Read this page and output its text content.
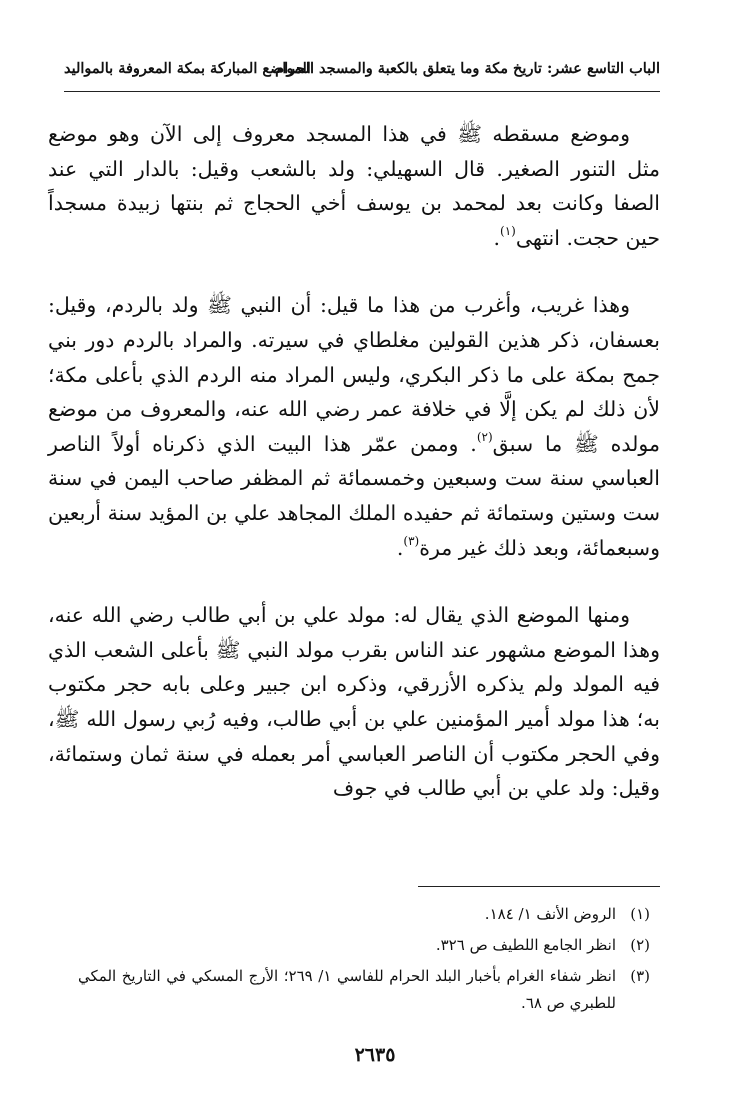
الباب التاسع عشر: تاريخ مكة وما يتعلق بالكعبة والمسجد الحرام
المواضع المباركة بمكة المعروفة بالمواليد

وموضع مسقطه ﷺ في هذا المسجد معروف إلى الآن وهو موضع مثل التنور الصغير. قال السهيلي: ولد بالشعب وقيل: بالدار التي عند الصفا وكانت بعد لمحمد بن يوسف أخي الحجاج ثم بنتها زبيدة مسجداً حين حجت. انتهى$^{(١)}$.

وهذا غريب، وأغرب من هذا ما قيل: أن النبي ﷺ ولد بالردم، وقيل: بعسفان، ذكر هذين القولين مغلطاي في سيرته. والمراد بالردم دور بني جمح بمكة على ما ذكر البكري، وليس المراد منه الردم الذي بأعلى مكة؛ لأن ذلك لم يكن إلَّا في خلافة عمر رضي الله عنه، والمعروف من موضع مولده ﷺ ما سبق$^{(٢)}$. وممن عمّر هذا البيت الذي ذكرناه أولاً الناصر العباسي سنة ست وسبعين وخمسمائة ثم المظفر صاحب اليمن في سنة ست وستين وستمائة ثم حفيده الملك المجاهد علي بن المؤيد سنة أربعين وسبعمائة، وبعد ذلك غير مرة$^{(٣)}$.

ومنها الموضع الذي يقال له: مولد علي بن أبي طالب رضي الله عنه، وهذا الموضع مشهور عند الناس بقرب مولد النبي ﷺ بأعلى الشعب الذي فيه المولد ولم يذكره الأزرقي، وذكره ابن جبير وعلى بابه حجر مكتوب به؛ هذا مولد أمير المؤمنين علي بن أبي طالب، وفيه رُبي رسول الله ﷺ، وفي الحجر مكتوب أن الناصر العباسي أمر بعمله في سنة ثمان وستمائة، وقيل: ولد علي بن أبي طالب في جوف

(١)
الروض الأنف ١/ ١٨٤.
(٢)
انظر الجامع اللطيف ص ٣٢٦.
(٣)
انظر شفاء الغرام بأخبار البلد الحرام للفاسي ١/ ٢٦٩؛ الأرج المسكي في التاريخ المكي للطبري ص ٦٨.
٢٦٣٥
